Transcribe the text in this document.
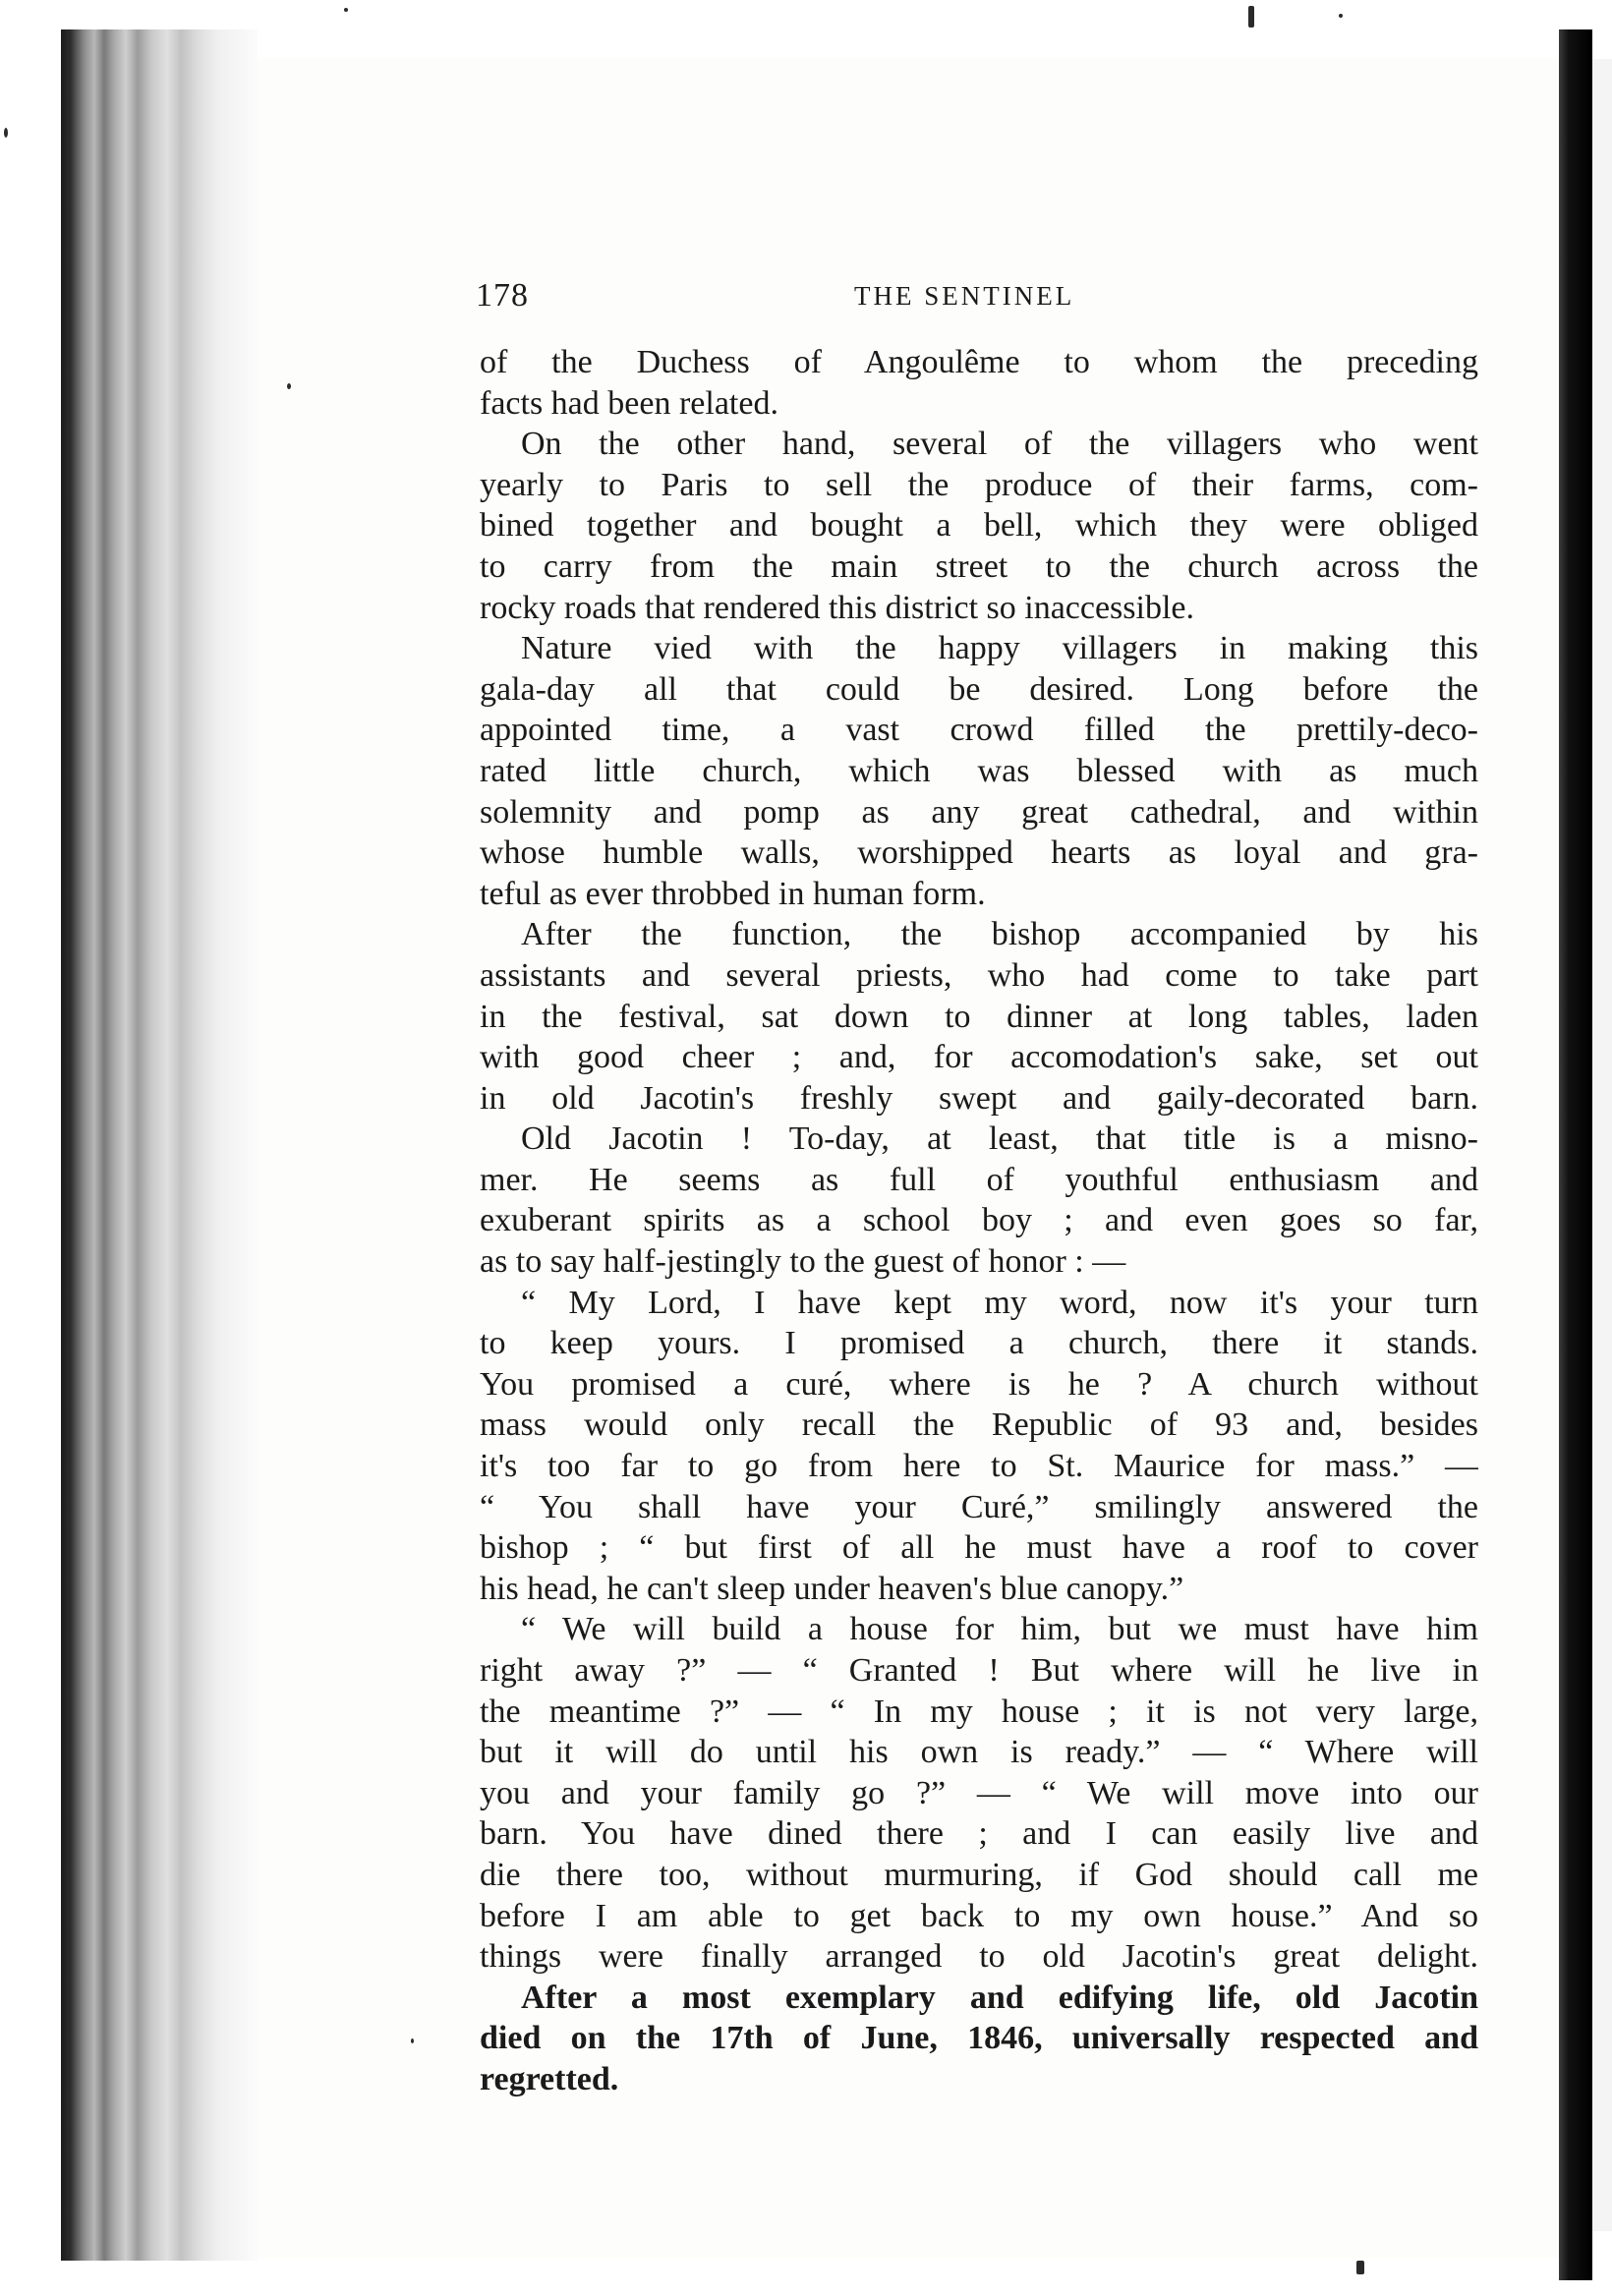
178	THE SENTINEL
of the Duchess of Angoulême to whom the preceding
facts had been related.
On the other hand, several of the villagers who went
yearly to Paris to sell the produce of their farms, com-
bined together and bought a bell, which they were obliged
to carry from the main street to the church across the
rocky roads that rendered this district so inaccessible.
Nature vied with the happy villagers in making this
gala-day all that could be desired. Long before the
appointed time, a vast crowd filled the prettily-deco-
rated little church, which was blessed with as much
solemnity and pomp as any great cathedral, and within
whose humble walls, worshipped hearts as loyal and gra-
teful as ever throbbed in human form.
After the function, the bishop accompanied by his
assistants and several priests, who had come to take part
in the festival, sat down to dinner at long tables, laden
with good cheer ; and, for accomodation's sake, set out
in old Jacotin's freshly swept and gaily-decorated barn.
Old Jacotin ! To-day, at least, that title is a misno-
mer. He seems as full of youthful enthusiasm and
exuberant spirits as a school boy ; and even goes so far,
as to say half-jestingly to the guest of honor : —
“ My Lord, I have kept my word, now it's your turn
to keep yours. I promised a church, there it stands.
You promised a curé, where is he ? A church without
mass would only recall the Republic of 93 and, besides
it's too far to go from here to St. Maurice for mass.” —
“ You shall have your Curé,” smilingly answered the
bishop ; “ but first of all he must have a roof to cover
his head, he can't sleep under heaven's blue canopy.”
“ We will build a house for him, but we must have him
right away ?” — “ Granted ! But where will he live in
the meantime ?” — “ In my house ; it is not very large,
but it will do until his own is ready.” — “ Where will
you and your family go ?” — “ We will move into our
barn. You have dined there ; and I can easily live and
die there too, without murmuring, if God should call me
before I am able to get back to my own house.” And so
things were finally arranged to old Jacotin's great delight.
After a most exemplary and edifying life, old Jacotin
died on the 17th of June, 1846, universally respected and
regretted.
